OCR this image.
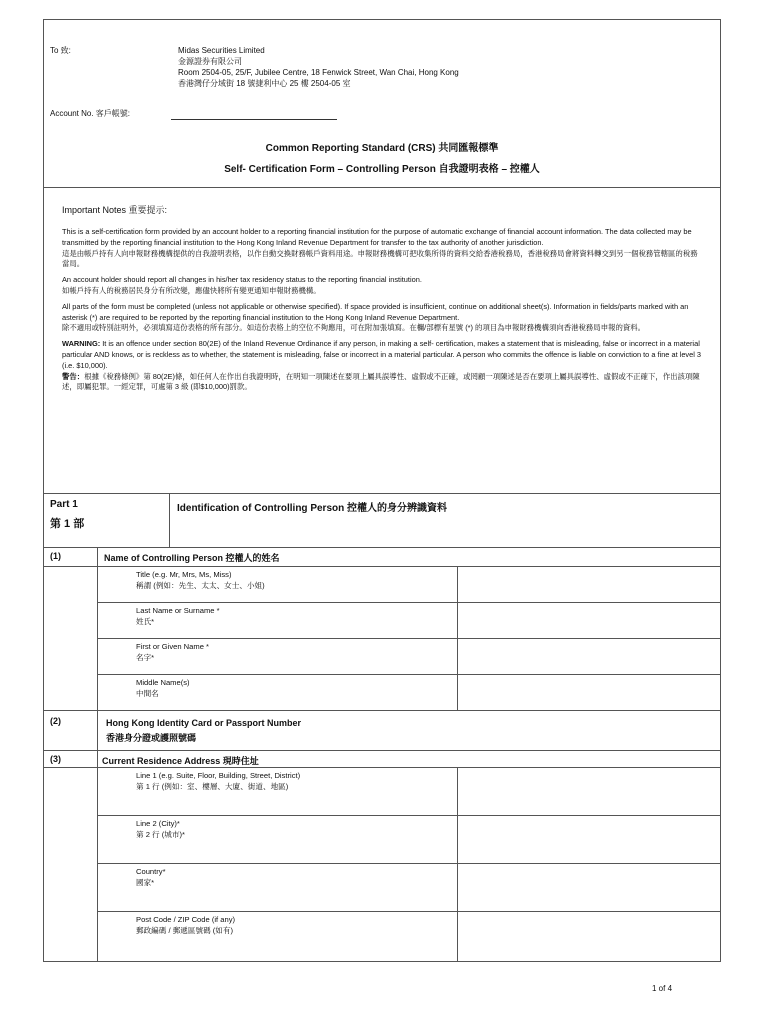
To 致:	Midas Securities Limited
金源證券有限公司
Room 2504-05, 25/F, Jubilee Centre, 18 Fenwick Street, Wan Chai, Hong Kong
香港灣仔分域街 18 號捷利中心 25 樓 2504-05 室
Account No. 客戶帳號:
Common Reporting Standard (CRS) 共同匯報標準
Self- Certification Form – Controlling Person 自我證明表格 – 控權人
Important Notes 重要提示:

This is a self-certification form provided by an account holder to a reporting financial institution for the purpose of automatic exchange of financial account information. The data collected may be transmitted by the reporting financial institution to the Hong Kong Inland Revenue Department for transfer to the tax authority of another jurisdiction.
這是由帳戶持有人向申報財務機構提供的自我證明表格，以作自動交換財務帳戶資料用途。申報財務機構可把收集所得的資料交給香港稅務局，香港稅務局會將資料轉交到另一個稅務管轄區的稅務當局。

An account holder should report all changes in his/her tax residency status to the reporting financial institution.
如帳戶持有人的稅務居民身分有所改變，應儘快將所有變更通知申報財務機構。

All parts of the form must be completed (unless not applicable or otherwise specified). If space provided is insufficient, continue on additional sheet(s). Information in fields/parts marked with an asterisk (*) are required to be reported by the reporting financial institution to the Hong Kong Inland Revenue Department.
除不適用或特別註明外，必須填寫這份表格的所有部分。如這份表格上的空位不夠應用，可在附加張填寫。在欄/部標有星號 (*) 的項目為申報財務機構須向香港稅務局申報的資料。

WARNING: It is an offence under section 80(2E) of the Inland Revenue Ordinance if any person, in making a self- certification, makes a statement that is misleading, false or incorrect in a material particular AND knows, or is reckless as to whether, the statement is misleading, false or incorrect in a material particular. A person who commits the offence is liable on conviction to a fine at level 3 (i.e. $10,000).
警告：根據《稅務條例》第 80(2E)條，如任何人在作出自我證明時，在明知一項陳述在要項上屬具誤導性、虛假或不正確，或罔顧一項陳述是否在要項上屬具誤導性、虛假或不正確下，作出該項陳述，即屬犯罪。一經定罪，可處第 3 級 (即$10,000)罰款。

Part 1
第 1 部
Identification of Controlling Person 控權人的身分辨識資料
(1)	Name of Controlling Person 控權人的姓名
Title (e.g. Mr, Mrs, Ms, Miss)
稱謂 (例如：先生、太太、女士、小姐)
Last Name or Surname *
姓氏*
First or Given Name *
名字*
Middle Name(s)
中間名
(2)	Hong Kong Identity Card or Passport Number
香港身分證或護照號碼
(3)	Current Residence Address 現時住址
Line 1 (e.g. Suite, Floor, Building, Street, District)
第 1 行 (例如：室、樓層、大廈、街道、地區)
Line 2 (City)*
第 2 行 (城市)*
Country*
國家*
Post Code / ZIP Code (if any)
郵政編碼 / 郵遞區號碼 (如有)
1 of 4
